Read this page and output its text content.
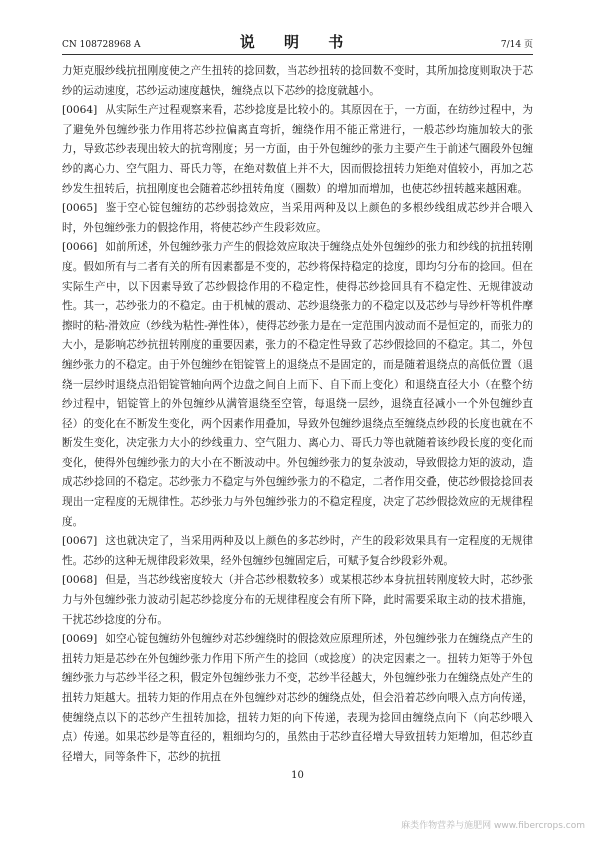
CN 108728968 A	说 明 书	7/14 页

力矩克服纱线抗扭刚度使之产生扭转的捻回数，当芯纱扭转的捻回数不变时，其所加捻度则取决于芯纱的运动速度，芯纱运动速度越快，缠绕点以下芯纱的捻度就越小。

[0064] 从实际生产过程观察来看，芯纱捻度是比较小的。其原因在于，一方面，在纺纱过程中，为了避免外包缠纱张力作用将芯纱拉偏离直弯折，缠绕作用不能正常进行，一般芯纱均施加较大的张力，导致芯纱表现出较大的抗弯刚度；另一方面，由于外包缠纱的张力主要产生于前述气圈段外包缠纱的离心力、空气阻力、哥氏力等，在绝对数值上并不大，因而假捻扭转力矩绝对值较小，再加之芯纱发生扭转后，抗扭刚度也会随着芯纱扭转角度（圈数）的增加而增加，也使芯纱扭转越来越困难。

[0065] 鉴于空心锭包缠纺的芯纱弱捻效应，当采用两种及以上颜色的多根纱线组成芯纱并合喂入时，外包缠纱张力的假捻作用，将使芯纱产生段彩效应。

[0066] 如前所述，外包缠纱张力产生的假捻效应取决于缠绕点处外包缠纱的张力和纱线的抗扭转刚度。假如所有与二者有关的所有因素都是不变的，芯纱将保持稳定的捻度，即均匀分布的捻回。但在实际生产中，以下因素导致了芯纱假捻作用的不稳定性，使得芯纱捻回具有不稳定性、无规律波动性。其一，芯纱张力的不稳定。由于机械的震动、芯纱退绕张力的不稳定以及芯纱与导纱杆等机件摩擦时的粘-滑效应（纱线为粘性-弹性体），使得芯纱张力是在一定范围内波动而不是恒定的，而张力的大小，是影响芯纱抗扭转刚度的重要因素，张力的不稳定性导致了芯纱假捻回的不稳定。其二，外包缠纱张力的不稳定。由于外包缠纱在铝锭管上的退绕点不是固定的，而是随着退绕点的高低位置（退绕一层纱时退绕点沿铝锭管轴向两个边盘之间自上而下、自下而上变化）和退绕直径大小（在整个纺纱过程中，铝锭管上的外包缠纱从满管退绕至空管，每退绕一层纱，退绕直径减小一个外包缠纱直径）的变化在不断发生变化，两个因素作用叠加，导致外包缠纱退绕点至缠绕点纱段的长度也就在不断发生变化，决定张力大小的纱线重力、空气阻力、离心力、哥氏力等也就随着该纱段长度的变化而变化，使得外包缠纱张力的大小在不断波动中。外包缠纱张力的复杂波动，导致假捻力矩的波动，造成芯纱捻回的不稳定。芯纱张力不稳定与外包缠纱张力的不稳定，二者作用交叠，使芯纱假捻捻回表现出一定程度的无规律性。芯纱张力与外包缠纱张力的不稳定程度，决定了芯纱假捻效应的无规律程度。

[0067] 这也就决定了，当采用两种及以上颜色的多芯纱时，产生的段彩效果具有一定程度的无规律性。芯纱的这种无规律段彩效果，经外包缠纱包缠固定后，可赋予复合纱段彩外观。

[0068] 但是，当芯纱线密度较大（并合芯纱根数较多）或某根芯纱本身抗扭转刚度较大时，芯纱张力与外包缠纱张力波动引起芯纱捻度分布的无规律程度会有所下降，此时需要采取主动的技术措施，干扰芯纱捻度的分布。

[0069] 如空心锭包缠纺外包缠纱对芯纱缠绕时的假捻效应原理所述，外包缠纱张力在缠绕点产生的扭转力矩是芯纱在外包缠纱张力作用下所产生的捻回（或捻度）的决定因素之一。扭转力矩等于外包缠纱张力与芯纱半径之积，假定外包缠纱张力不变，芯纱半径越大，外包缠纱张力在缠绕点处产生的扭转力矩越大。扭转力矩的作用点在外包缠纱对芯纱的缠绕点处，但会沿着芯纱向喂入点方向传递，使缠绕点以下的芯纱产生扭转加捻，扭转力矩的向下传递，表现为捻回由缠绕点向下（向芯纱喂入点）传递。如果芯纱是等直径的，粗细均匀的，虽然由于芯纱直径增大导致扭转力矩增加，但芯纱直径增大，同等条件下，芯纱的抗扭

10
麻类作物营养与施肥网 www.fibercrops.com
